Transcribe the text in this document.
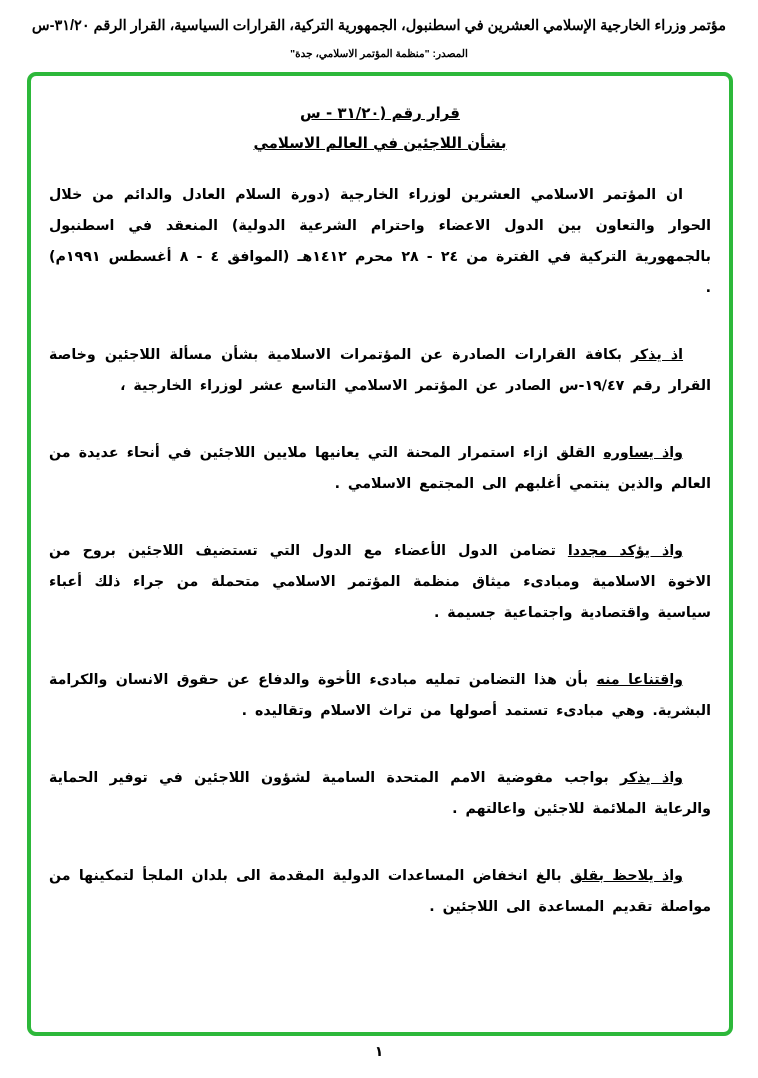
مؤتمر وزراء الخارجية الإسلامي العشرين في اسطنبول، الجمهورية التركية، القرارات السياسية، القرار الرقم ٣١/٢٠-س
المصدر: "منظمة المؤتمر الاسلامي، جدة"
قرار رقم (٣١/٢٠ - س
بشأن اللاجئين في العالم الاسلامي

ان المؤتمر الاسلامي العشرين لوزراء الخارجية (دورة السلام العادل والدائم من خلال الحوار والتعاون بين الدول الاعضاء واحترام الشرعية الدولية) المنعقد في اسطنبول بالجمهورية التركية في الفترة من ٢٤ - ٢٨ محرم ١٤١٢هـ (الموافق ٤ - ٨ أغسطس ١٩٩١م) .

اذ يذكر بكافة القرارات الصادرة عن المؤتمرات الاسلامية بشأن مسألة اللاجئين وخاصة القرار رقم ١٩/٤٧-س الصادر عن المؤتمر الاسلامي التاسع عشر لوزراء الخارجية ،

واذ يساوره القلق ازاء استمرار المحنة التي يعانيها ملايين اللاجئين في أنحاء عديدة من العالم والذين ينتمي أغلبهم الى المجتمع الاسلامي .

واذ يؤكد مجددا تضامن الدول الأعضاء مع الدول التي تستضيف اللاجئين بروح من الاخوة الاسلامية ومبادىء ميثاق منظمة المؤتمر الاسلامي متحملة من جراء ذلك أعباء سياسية واقتصادية واجتماعية جسيمة .

واقتناعا منه بأن هذا التضامن تمليه مبادىء الأخوة والدفاع عن حقوق الانسان والكرامة البشرية. وهي مبادىء تستمد أصولها من تراث الاسلام وتقاليده .

واذ يذكر بواجب مفوضية الامم المتحدة السامية لشؤون اللاجئين في توفير الحماية والرعاية الملائمة للاجئين واعالتهم .

واذ يلاحظ بقلق بالغ انخفاض المساعدات الدولية المقدمة الى بلدان الملجأ لتمكينها من مواصلة تقديم المساعدة الى اللاجئين .

١
